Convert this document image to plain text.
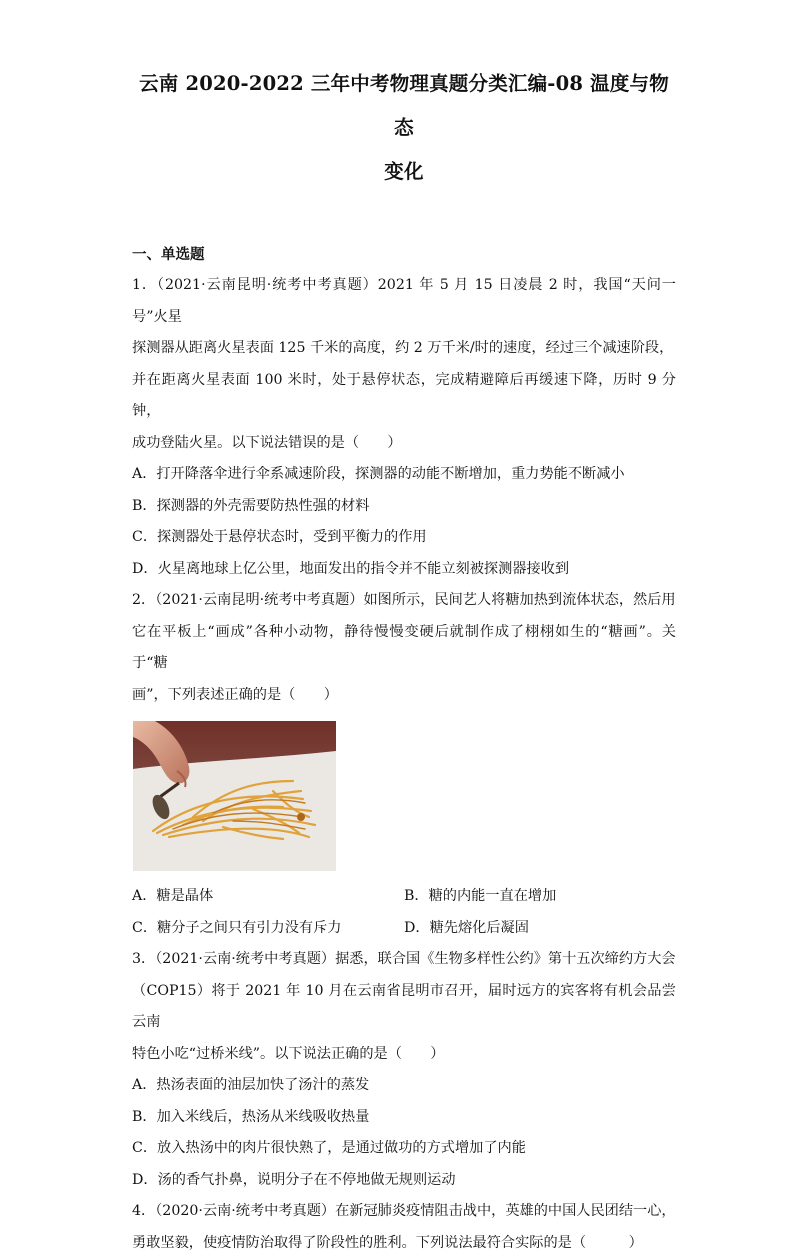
云南 2020-2022 三年中考物理真题分类汇编-08 温度与物态
变化
一、单选题
1．（2021·云南昆明·统考中考真题）2021 年 5 月 15 日凌晨 2 时，我国“天问一号”火星
探测器从距离火星表面 125 千米的高度，约 2 万千米/时的速度，经过三个减速阶段，
并在距离火星表面 100 米时，处于悬停状态，完成精避障后再缓速下降，历时 9 分钟，
成功登陆火星。以下说法错误的是（　　）
A．打开降落伞进行伞系减速阶段，探测器的动能不断增加，重力势能不断减小
B．探测器的外壳需要防热性强的材料
C．探测器处于悬停状态时，受到平衡力的作用
D．火星离地球上亿公里，地面发出的指令并不能立刻被探测器接收到
2．（2021·云南昆明·统考中考真题）如图所示，民间艺人将糖加热到流体状态，然后用
它在平板上“画成”各种小动物，静待慢慢变硬后就制作成了栩栩如生的“糖画”。关于“糖
画”，下列表述正确的是（　　）
A．糖是晶体	B．糖的内能一直在增加
C．糖分子之间只有引力没有斥力	D．糖先熔化后凝固
3．（2021·云南·统考中考真题）据悉，联合国《生物多样性公约》第十五次缔约方大会
（COP15）将于 2021 年 10 月在云南省昆明市召开，届时远方的宾客将有机会品尝云南
特色小吃“过桥米线”。以下说法正确的是（　　）
A．热汤表面的油层加快了汤汁的蒸发
B．加入米线后，热汤从米线吸收热量
C．放入热汤中的肉片很快熟了，是通过做功的方式增加了内能
D．汤的香气扑鼻，说明分子在不停地做无规则运动
4．（2020·云南·统考中考真题）在新冠肺炎疫情阻击战中，英雄的中国人民团结一心，
勇敢坚毅，使疫情防治取得了阶段性的胜利。下列说法最符合实际的是（　　　）
